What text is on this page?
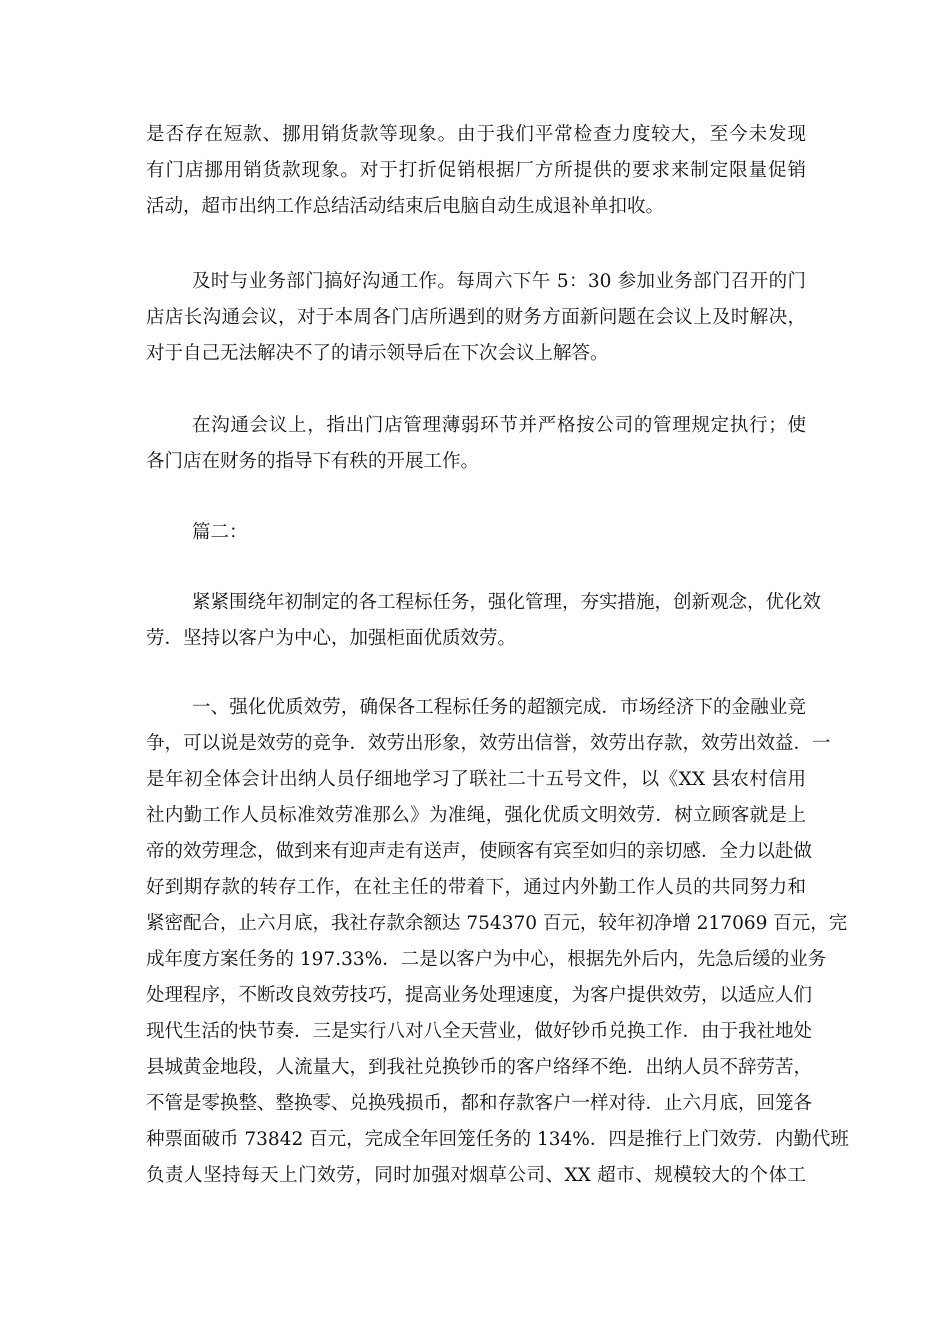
是否存在短款、挪用销货款等现象。由于我们平常检查力度较大，至今未发现
有门店挪用销货款现象。对于打折促销根据厂方所提供的要求来制定限量促销
活动，超市出纳工作总结活动结束后电脑自动生成退补单扣收。
及时与业务部门搞好沟通工作。每周六下午 5：30 参加业务部门召开的门
店店长沟通会议，对于本周各门店所遇到的财务方面新问题在会议上及时解决，
对于自己无法解决不了的请示领导后在下次会议上解答。
在沟通会议上，指出门店管理薄弱环节并严格按公司的管理规定执行；使
各门店在财务的指导下有秩的开展工作。
篇二：
紧紧围绕年初制定的各工程标任务，强化管理，夯实措施，创新观念，优化效
劳．坚持以客户为中心，加强柜面优质效劳。
一、强化优质效劳，确保各工程标任务的超额完成．市场经济下的金融业竞
争，可以说是效劳的竞争．效劳出形象，效劳出信誉，效劳出存款，效劳出效益．一
是年初全体会计出纳人员仔细地学习了联社二十五号文件，以《XX 县农村信用
社内勤工作人员标准效劳准那么》为准绳，强化优质文明效劳．树立顾客就是上
帝的效劳理念，做到来有迎声走有送声，使顾客有宾至如归的亲切感．全力以赴做
好到期存款的转存工作，在社主任的带着下，通过内外勤工作人员的共同努力和
紧密配合，止六月底，我社存款余额达 754370 百元，较年初净增 217069 百元，完
成年度方案任务的 197.33%．二是以客户为中心，根据先外后内，先急后缓的业务
处理程序，不断改良效劳技巧，提高业务处理速度，为客户提供效劳，以适应人们
现代生活的快节奏．三是实行八对八全天营业，做好钞币兑换工作．由于我社地处
县城黄金地段，人流量大，到我社兑换钞币的客户络绎不绝．出纳人员不辞劳苦，
不管是零换整、整换零、兑换残损币，都和存款客户一样对待．止六月底，回笼各
种票面破币 73842 百元，完成全年回笼任务的 134%．四是推行上门效劳．内勤代班
负责人坚持每天上门效劳，同时加强对烟草公司、XX 超市、规模较大的个体工
